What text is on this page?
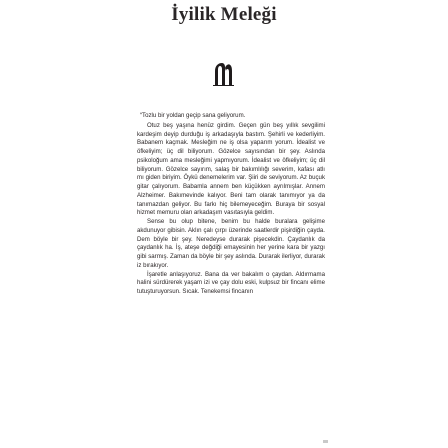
İyilik Meleği

“Tozlu bir yoldan geçip sana geliyorum.

Otuz beş yaşına henüz girdim. Geçen gün beş yıllık sevgilimi kardeşim deyip durduğu iş arkadaşıyla bastım. Şehirli ve kederliyim. Babanem kaçmak. Mesleğim ne iş olsa yaparım yorum. İdealist ve öfkeliyim; üç dil biliyorum. Gözelce sayısından bir şey. Aslında psikoloğum ama mesleğimi yapmıyorum. İdealist ve öfkeliyim; üç dil biliyorum. Gözelce sayırım, salaş bir bakımlılığı severim, kafası atlı mı giden biriyim. Öykü denemelerim var. Şiiri de seviyorum. Az buçuk gitar çalıyorum. Babamla annem ben küçükken ayrılmışlar. Annem Alzheimer. Bakımevinde kalıyor. Beni tam olarak tanımıyor ya da tanımazdan geliyor. Bu farkı hiç bilemeyeceğim. Buraya bir sosyal hizmet memuru olan arkadaşım vasıtasıyla geldim.

Sense bu olup bitene, benim bu halde buralara gelişime akdunuyor gibisin. Aklın çalı çırpı üzerinde saatlerdir pişirdiğin çayda. Dem böyle bir şey. Neredeyse durarak pişecekdin. Çaydanlık da çaydanlık ha. İş, ateşe değdiği emayesinin her yerine kara bir yazgı gibi sarmış. Zaman da böyle bir şey aslında. Durarak ilerliyor, durarak iz bırakıyor.

İşaretle anlaşıyoruz. Bana da ver bakalım o çaydan. Aldırmama halini sürdürerek yaşam izi ve çay dolu eski, kulpsuz bir fincanı elime tutuşturuyorsun. Sıcak. Tenekemsi fincanın
